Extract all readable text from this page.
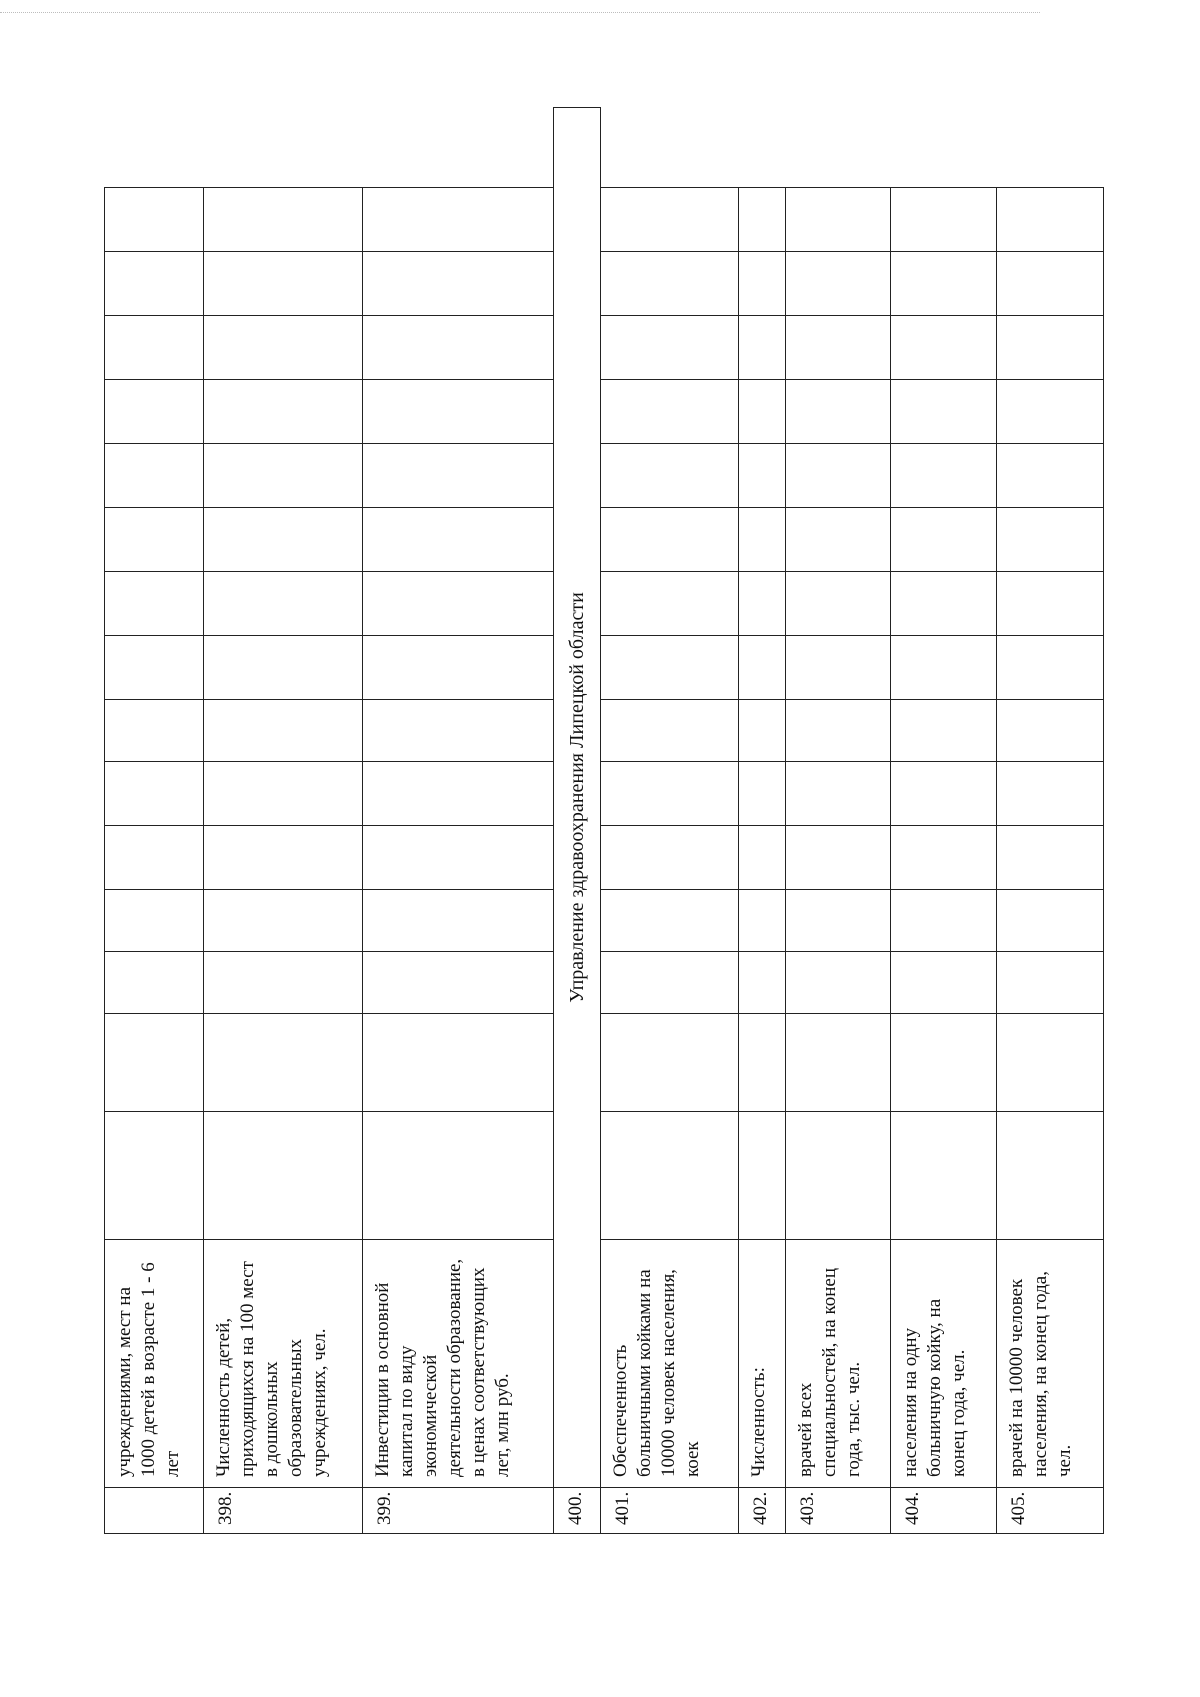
	учреждениями, мест на 1000 детей в возрасте 1 - 6 лет															
398.	Численность детей, приходящихся на 100 мест в дошкольных образовательных учреждениях, чел.															
399.	Инвестиции в основной капитал по виду экономической деятельности образование, в ценах соответствующих лет, млн руб.															
400.	Управление здравоохранения Липецкой области															
401.	Обеспеченность больничными койками на 10000 человек населения, коек															
402.	Численность:															
403.	врачей всех специальностей, на конец года, тыс. чел.															
404.	населения на одну больничную койку, на конец года, чел.															
405.	врачей на 10000 человек населения, на конец года, чел.															
